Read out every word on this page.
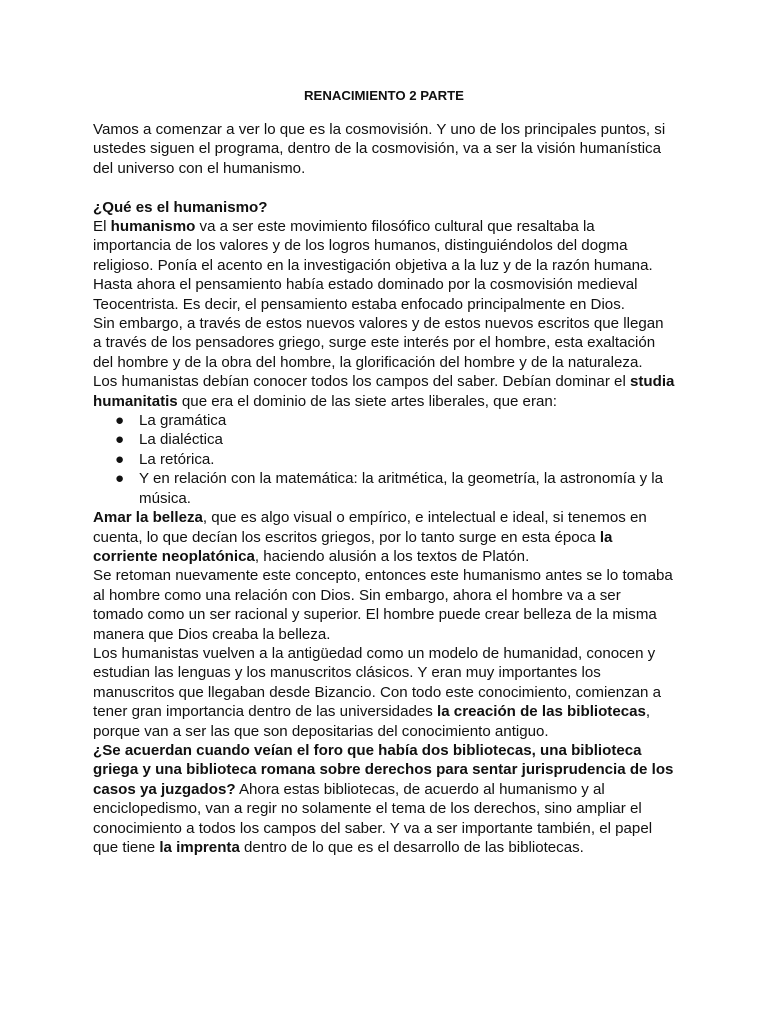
RENACIMIENTO 2 PARTE

Vamos a comenzar a ver lo que es la cosmovisión. Y uno de los principales puntos, si ustedes siguen el programa, dentro de la cosmovisión, va a ser la visión humanística del universo con el humanismo.

¿Qué es el humanismo?

El humanismo va a ser este movimiento filosófico cultural que resaltaba la importancia de los valores y de los logros humanos, distinguiéndolos del dogma religioso. Ponía el acento en la investigación objetiva a la luz y de la razón humana. Hasta ahora el pensamiento había estado dominado por la cosmovisión medieval Teocentrista. Es decir, el pensamiento estaba enfocado principalmente en Dios.

Sin embargo, a través de estos nuevos valores y de estos nuevos escritos que llegan a través de los pensadores griego, surge este interés por el hombre, esta exaltación del hombre y de la obra del hombre, la glorificación del hombre y de la naturaleza.

Los humanistas debían conocer todos los campos del saber. Debían dominar el studia humanitatis que era el dominio de las siete artes liberales, que eran:

● La gramática
● La dialéctica
● La retórica.
● Y en relación con la matemática: la aritmética, la geometría, la astronomía y la música.

Amar la belleza, que es algo visual o empírico, e intelectual e ideal, si tenemos en cuenta, lo que decían los escritos griegos, por lo tanto surge en esta época la corriente neoplatónica, haciendo alusión a los textos de Platón.

Se retoman nuevamente este concepto, entonces este humanismo antes se lo tomaba al hombre como una relación con Dios. Sin embargo, ahora el hombre va a ser tomado como un ser racional y superior. El hombre puede crear belleza de la misma manera que Dios creaba la belleza.

Los humanistas vuelven a la antigüedad como un modelo de humanidad, conocen y estudian las lenguas y los manuscritos clásicos. Y eran muy importantes los manuscritos que llegaban desde Bizancio. Con todo este conocimiento, comienzan a tener gran importancia dentro de las universidades la creación de las bibliotecas, porque van a ser las que son depositarias del conocimiento antiguo.

¿Se acuerdan cuando veían el foro que había dos bibliotecas, una biblioteca griega y una biblioteca romana sobre derechos para sentar jurisprudencia de los casos ya juzgados? Ahora estas bibliotecas, de acuerdo al humanismo y al enciclopedismo, van a regir no solamente el tema de los derechos, sino ampliar el conocimiento a todos los campos del saber. Y va a ser importante también, el papel que tiene la imprenta dentro de lo que es el desarrollo de las bibliotecas.
